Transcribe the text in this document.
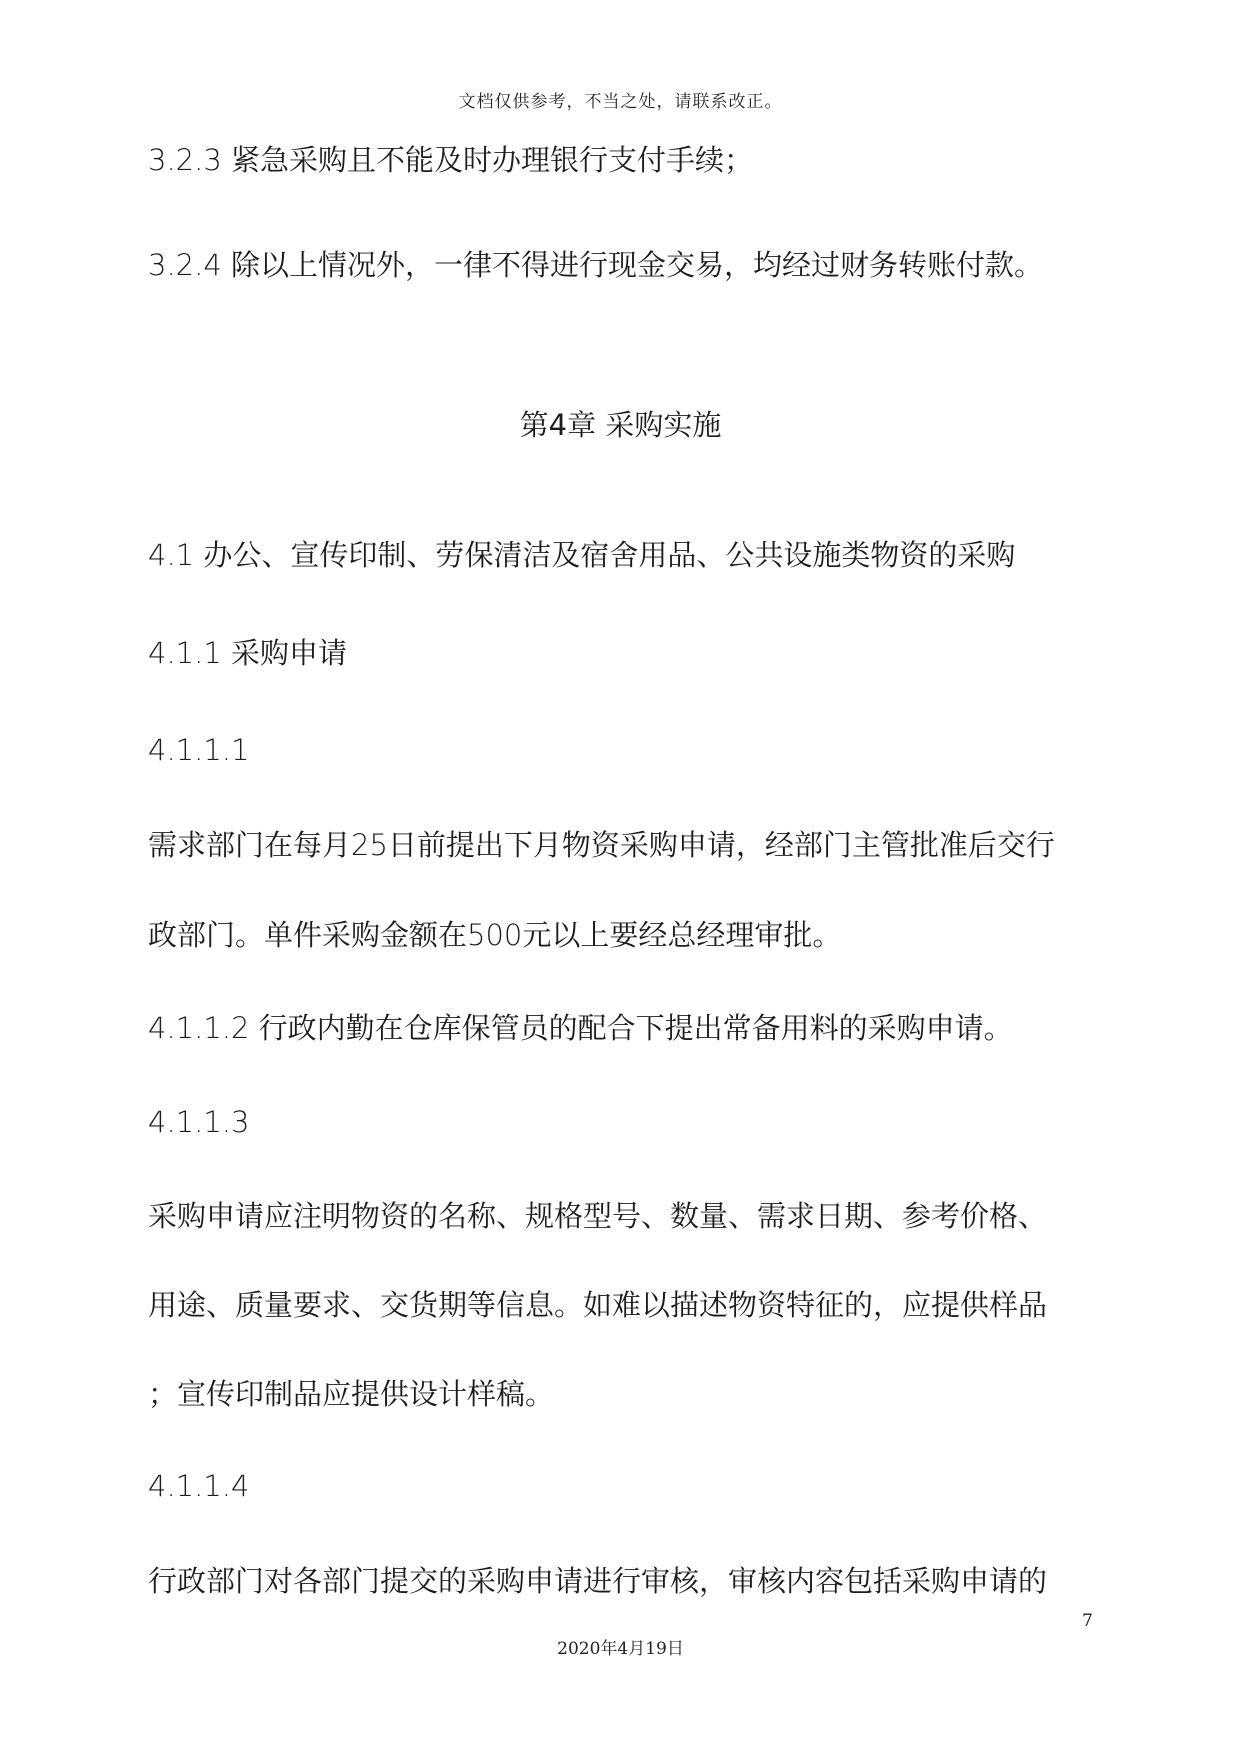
文档仅供参考，不当之处，请联系改正。
3.2.3 紧急采购且不能及时办理银行支付手续；
3.2.4 除以上情况外，一律不得进行现金交易，均经过财务转账付款。
第4章 采购实施
4.1 办公、宣传印制、劳保清洁及宿舍用品、公共设施类物资的采购
4.1.1 采购申请
4.1.1.1
需求部门在每月25日前提出下月物资采购申请，经部门主管批准后交行
政部门。单件采购金额在500元以上要经总经理审批。
4.1.1.2 行政内勤在仓库保管员的配合下提出常备用料的采购申请。
4.1.1.3
采购申请应注明物资的名称、规格型号、数量、需求日期、参考价格、
用途、质量要求、交货期等信息。如难以描述物资特征的，应提供样品
；宣传印制品应提供设计样稿。
4.1.1.4
行政部门对各部门提交的采购申请进行审核，审核内容包括采购申请的
7
2020年4月19日
